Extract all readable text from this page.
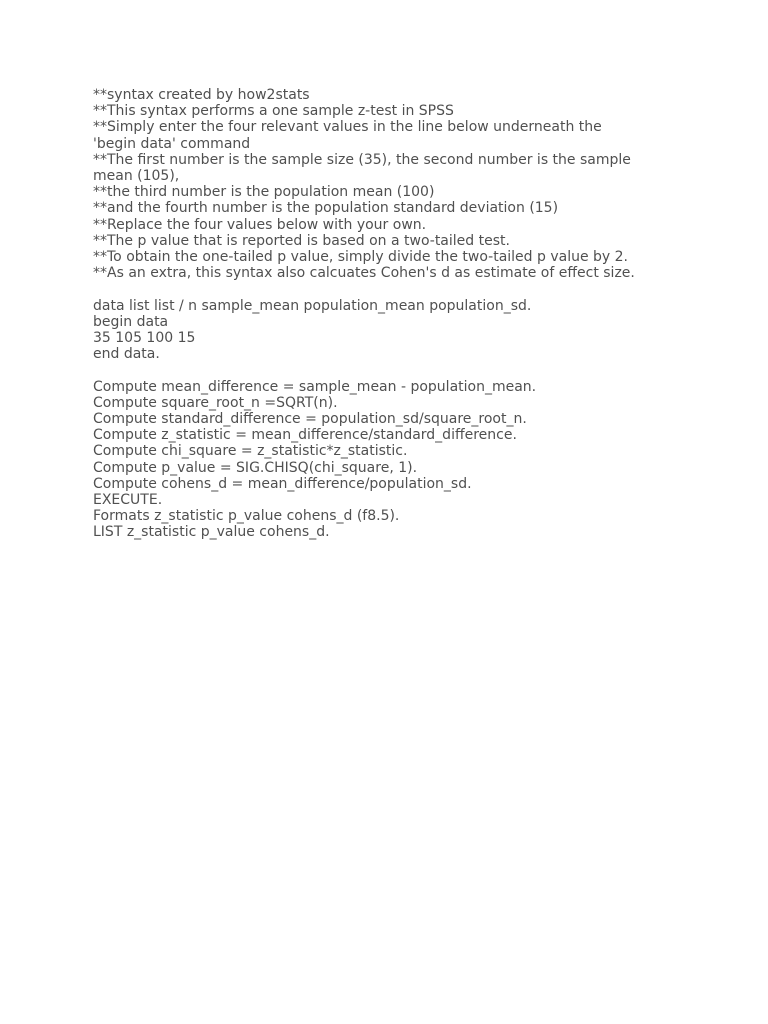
**syntax created by how2stats
**This syntax performs a one sample z-test in SPSS
**Simply enter the four relevant values in the line below underneath the
'begin data' command
**The first number is the sample size (35), the second number is the sample
mean (105),
**the third number is the population mean (100)
**and the fourth number is the population standard deviation (15)
**Replace the four values below with your own.
**The p value that is reported is based on a two-tailed test.
**To obtain the one-tailed p value, simply divide the two-tailed p value by 2.
**As an extra, this syntax also calcuates Cohen's d as estimate of effect size.
data list list / n sample_mean population_mean population_sd.
begin data
35 105 100 15
end data.
Compute mean_difference = sample_mean - population_mean.
Compute square_root_n =SQRT(n).
Compute standard_difference = population_sd/square_root_n.
Compute z_statistic = mean_difference/standard_difference.
Compute chi_square = z_statistic*z_statistic.
Compute p_value = SIG.CHISQ(chi_square, 1).
Compute cohens_d = mean_difference/population_sd.
EXECUTE.
Formats z_statistic p_value cohens_d (f8.5).
LIST z_statistic p_value cohens_d.
